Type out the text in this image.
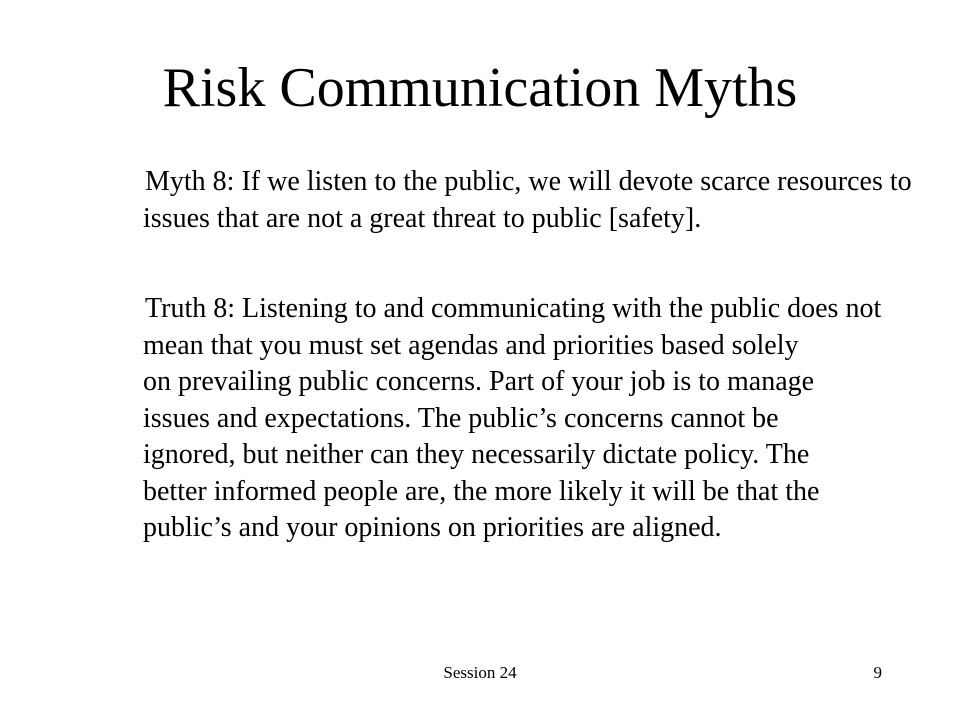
Risk Communication Myths
Myth 8: If we listen to the public, we will devote scarce resources to
issues that are not a great threat to public [safety].
Truth 8: Listening to and communicating with the public does not
mean that you must set agendas and priorities based solely
on prevailing public concerns. Part of your job is to manage
issues and expectations. The public’s concerns cannot be
ignored, but neither can they necessarily dictate policy. The
better informed people are, the more likely it will be that the
public’s and your opinions on priorities are aligned.
Session 24	9
